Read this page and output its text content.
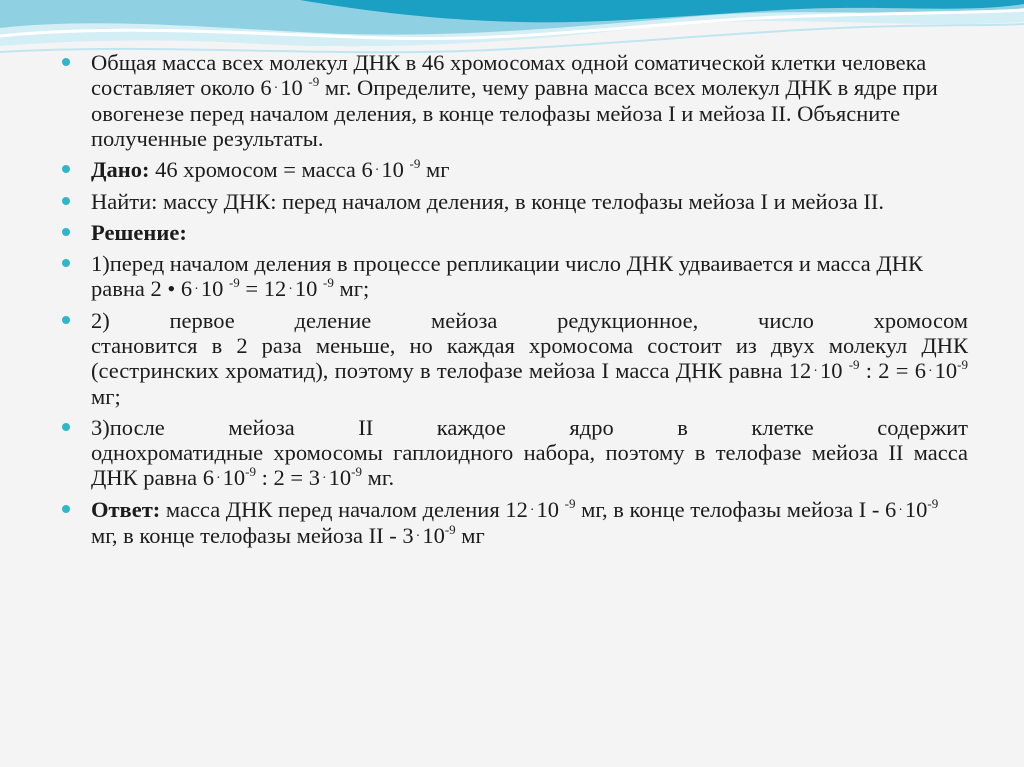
Общая масса всех молекул ДНК в 46 хромосомах одной соматической клетки человека составляет около 6 ·10 $^{-9}$ мг. Определите, чему равна масса всех молекул ДНК в ядре при овогенезе перед началом деления, в конце телофазы мейоза I и мейоза II. Объясните полученные результаты.
Дано: 46 хромосом = масса 6 ·10 $^{-9}$ мг
Найти: массу ДНК: перед началом деления, в конце телофазы мейоза I и мейоза II.
Решение:
1)перед началом деления в процессе репликации число ДНК удваивается и масса ДНК равна 2 • 6 ·10 $^{-9}$ = 12 ·10 $^{-9}$ мг;
2) первое деление мейоза редукционное, число хромосом
становится в 2 раза меньше, но каждая хромосома состоит из двух молекул ДНК (сестринских хроматид), поэтому в телофазе мейоза I масса ДНК равна 12 ·10 $^{-9}$ : $2 = 6 \cdot 10^{-9}$ мг;
3)после мейоза II каждое ядро в клетке содержит
однохроматидные хромосомы гаплоидного набора, поэтому в телофазе мейоза II масса ДНК равна $6 \cdot 10^{-9}$ : $2 = 3 \cdot 10^{-9}$ мг.
Ответ: масса ДНК перед началом деления 12 ·10 $^{-9}$ мг, в конце телофазы мейоза $I - 6 \cdot 10^{-9}$ мг, в конце телофазы мейоза II - $3 \cdot 10^{-9}$ мг
